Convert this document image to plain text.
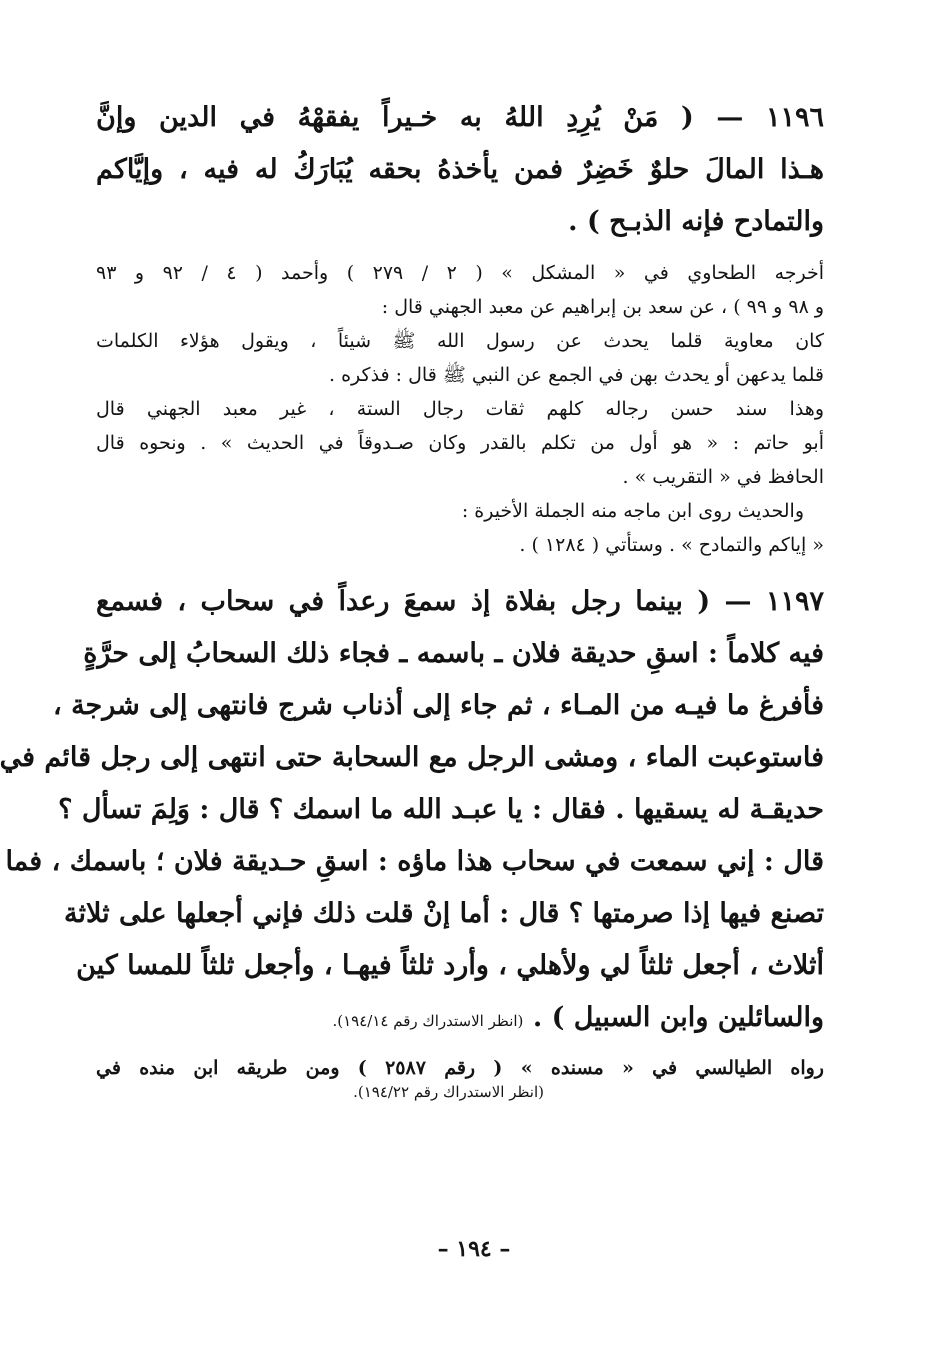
١١٩٦ — ( مَنْ يُرِدِ اللهُ به خـيراً يفقهْهُ في الدين وإنَّ
هـذا المالَ حلوٌ خَضِرٌ فمن يأخذهُ بحقه يُبَارَكُ له فيه ، وإيَّاكم
والتمادح فإنه الذبـح ) .
أخرجه الطحاوي في « المشكل » ( ٢ / ٢٧٩ ) وأحمد ( ٤ / ٩٢ و ٩٣
و ٩٨ و ٩٩ ) ، عن سعد بن إبراهيم عن معبد الجهني قال :
كان معاوية قلما يحدث عن رسول الله ﷺ شيئاً ، ويقول هؤلاء الكلمات
قلما يدعهن أو يحدث بهن في الجمع عن النبي ﷺ قال : فذكره .
وهذا سند حسن رجاله كلهم ثقات رجال الستة ، غير معبد الجهني قال
أبو حاتم : « هو أول من تكلم بالقدر وكان صـدوقاً في الحديث » . ونحوه قال
الحافظ في « التقريب » .
والحديث روى ابن ماجه منه الجملة الأخيرة :
« إياكم والتمادح » . وستأتي ( ١٢٨٤ ) .
١١٩٧ — ( بينما رجل بفلاة إذ سمعَ رعداً في سحاب ، فسمع
فيه كلاماً : اسقِ حديقة فلان ـ باسمه ـ فجاء ذلك السحابُ إلى حرَّةٍ
فأفرغ ما فيـه من المـاء ، ثم جاء إلى أذناب شرج فانتهى إلى شرجة ،
فاستوعبت الماء ، ومشى الرجل مع السحابة حتى انتهى إلى رجل قائم في
حديقـة له يسقيها . فقال : يا عبـد الله ما اسمك ؟ قال : وَلِمَ تسأل ؟
قال : إني سمعت في سحاب هذا ماؤه : اسقِ حـديقة فلان ؛ باسمك ، فما
تصنع فيها إذا صرمتها ؟ قال : أما إنْ قلت ذلك فإني أجعلها على ثلاثة
أثلاث ، أجعل ثلثاً لي ولأهلي ، وأرد ثلثاً فيهـا ، وأجعل ثلثاً للمسا كين
والسائلين وابن السبيل ) . (انظر الاستدراك رقم ١٩٤/١٤).
رواه الطيالسي في « مسنده » ( رقم ٢٥٨٧ ) ومن طريقه ابن منده في
(انظر الاستدراك رقم ١٩٤/٢٢).
– ١٩٤ –
